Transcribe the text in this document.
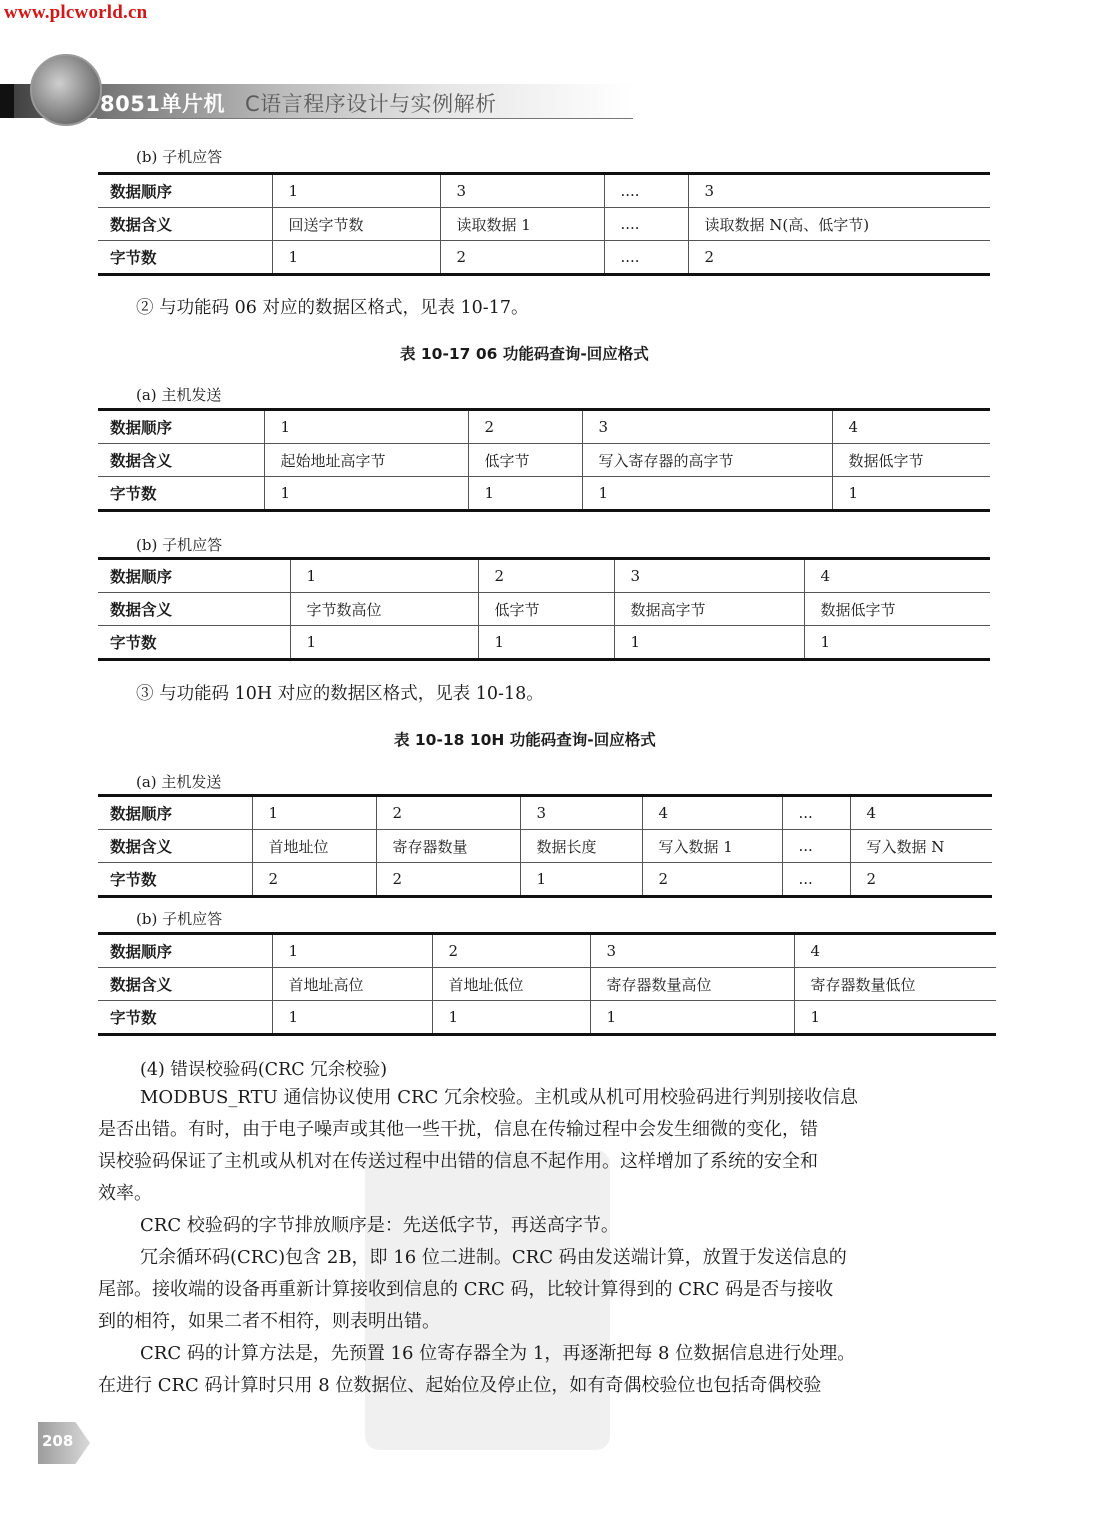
www.plcworld.cn
8051单片机 C语言程序设计与实例解析
(b) 子机应答
数据顺序	1	3	....	3
数据含义	回送字节数	读取数据 1	....	读取数据 N(高、低字节)
字节数	1	2	....	2
② 与功能码 06 对应的数据区格式，见表 10-17。
表 10-17 06 功能码查询-回应格式
(a) 主机发送
数据顺序	1	2	3	4
数据含义	起始地址高字节	低字节	写入寄存器的高字节	数据低字节
字节数	1	1	1	1
(b) 子机应答
数据顺序	1	2	3	4
数据含义	字节数高位	低字节	数据高字节	数据低字节
字节数	1	1	1	1
③ 与功能码 10H 对应的数据区格式，见表 10-18。
表 10-18 10H 功能码查询-回应格式
(a) 主机发送
数据顺序	1	2	3	4	...	4
数据含义	首地址位	寄存器数量	数据长度	写入数据 1	...	写入数据 N
字节数	2	2	1	2	...	2
(b) 子机应答
数据顺序	1	2	3	4
数据含义	首地址高位	首地址低位	寄存器数量高位	寄存器数量低位
字节数	1	1	1	1
(4) 错误校验码(CRC 冗余校验)
MODBUS_RTU 通信协议使用 CRC 冗余校验。主机或从机可用校验码进行判别接收信息
是否出错。有时，由于电子噪声或其他一些干扰，信息在传输过程中会发生细微的变化，错
误校验码保证了主机或从机对在传送过程中出错的信息不起作用。这样增加了系统的安全和
效率。
CRC 校验码的字节排放顺序是：先送低字节，再送高字节。
冗余循环码(CRC)包含 2B，即 16 位二进制。CRC 码由发送端计算，放置于发送信息的
尾部。接收端的设备再重新计算接收到信息的 CRC 码，比较计算得到的 CRC 码是否与接收
到的相符，如果二者不相符，则表明出错。
CRC 码的计算方法是，先预置 16 位寄存器全为 1，再逐渐把每 8 位数据信息进行处理。
在进行 CRC 码计算时只用 8 位数据位、起始位及停止位，如有奇偶校验位也包括奇偶校验
208
